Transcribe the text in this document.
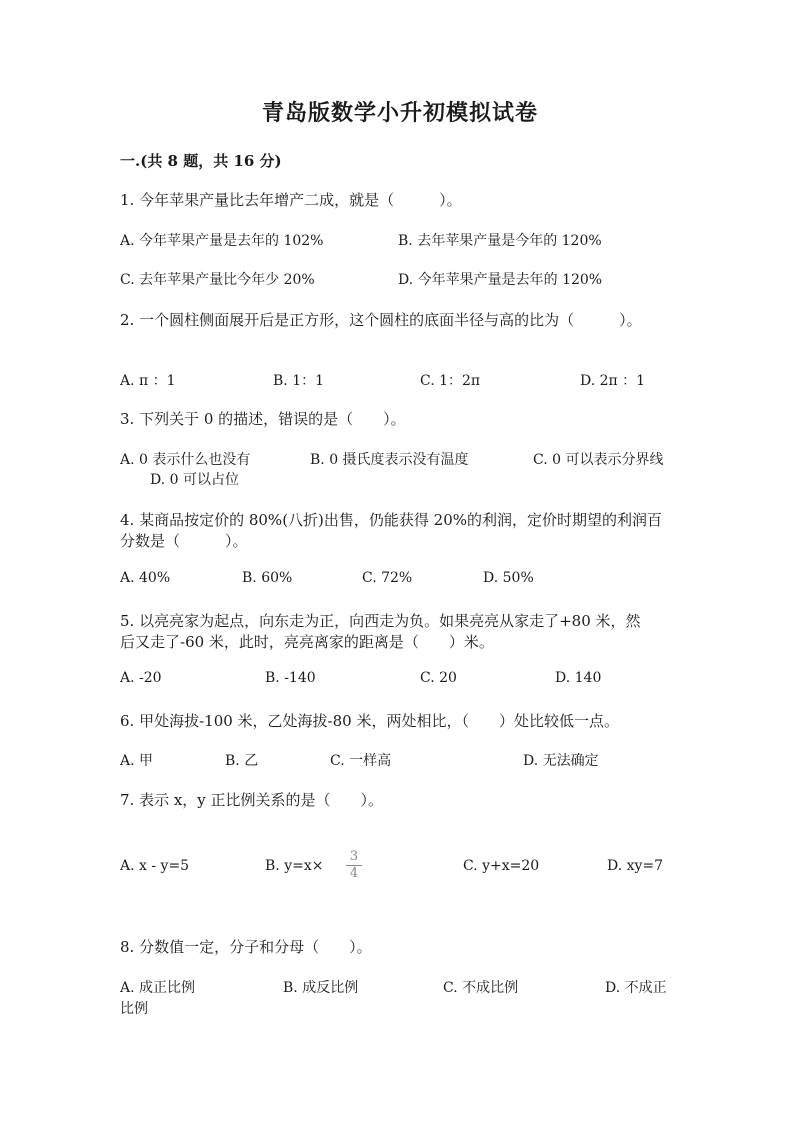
青岛版数学小升初模拟试卷
一.(共 8 题，共 16 分)
1. 今年苹果产量比去年增产二成，就是（　　　）。
A. 今年苹果产量是去年的 102%	B. 去年苹果产量是今年的 120%
C. 去年苹果产量比今年少 20%	D. 今年苹果产量是去年的 120%
2. 一个圆柱侧面展开后是正方形，这个圆柱的底面半径与高的比为（　　　）。
A. π ：1	B. 1：1	C. 1：2π	D. 2π ：1
3. 下列关于 0 的描述，错误的是（　　）。
A. 0 表示什么也没有	B. 0 摄氏度表示没有温度	C. 0 可以表示分界线
D. 0 可以占位
4. 某商品按定价的 80%(八折)出售，仍能获得 20%的利润，定价时期望的利润百
分数是（　　　）。
A. 40%	B. 60%	C. 72%	D. 50%
5. 以亮亮家为起点，向东走为正，向西走为负。如果亮亮从家走了+80 米，然
后又走了-60 米，此时，亮亮离家的距离是（　　）米。
A. -20	B. -140	C. 20	D. 140
6. 甲处海拔-100 米，乙处海拔-80 米，两处相比，（　　）处比较低一点。
A. 甲	B. 乙	C. 一样高	D. 无法确定
7. 表示 x，y 正比例关系的是（　　）。
A. x - y=5	B. y=x×
3
4	C. y+x=20	D. xy=7
8. 分数值一定，分子和分母（　　）。
A. 成正比例	B. 成反比例	C. 不成比例	D. 不成正
比例
